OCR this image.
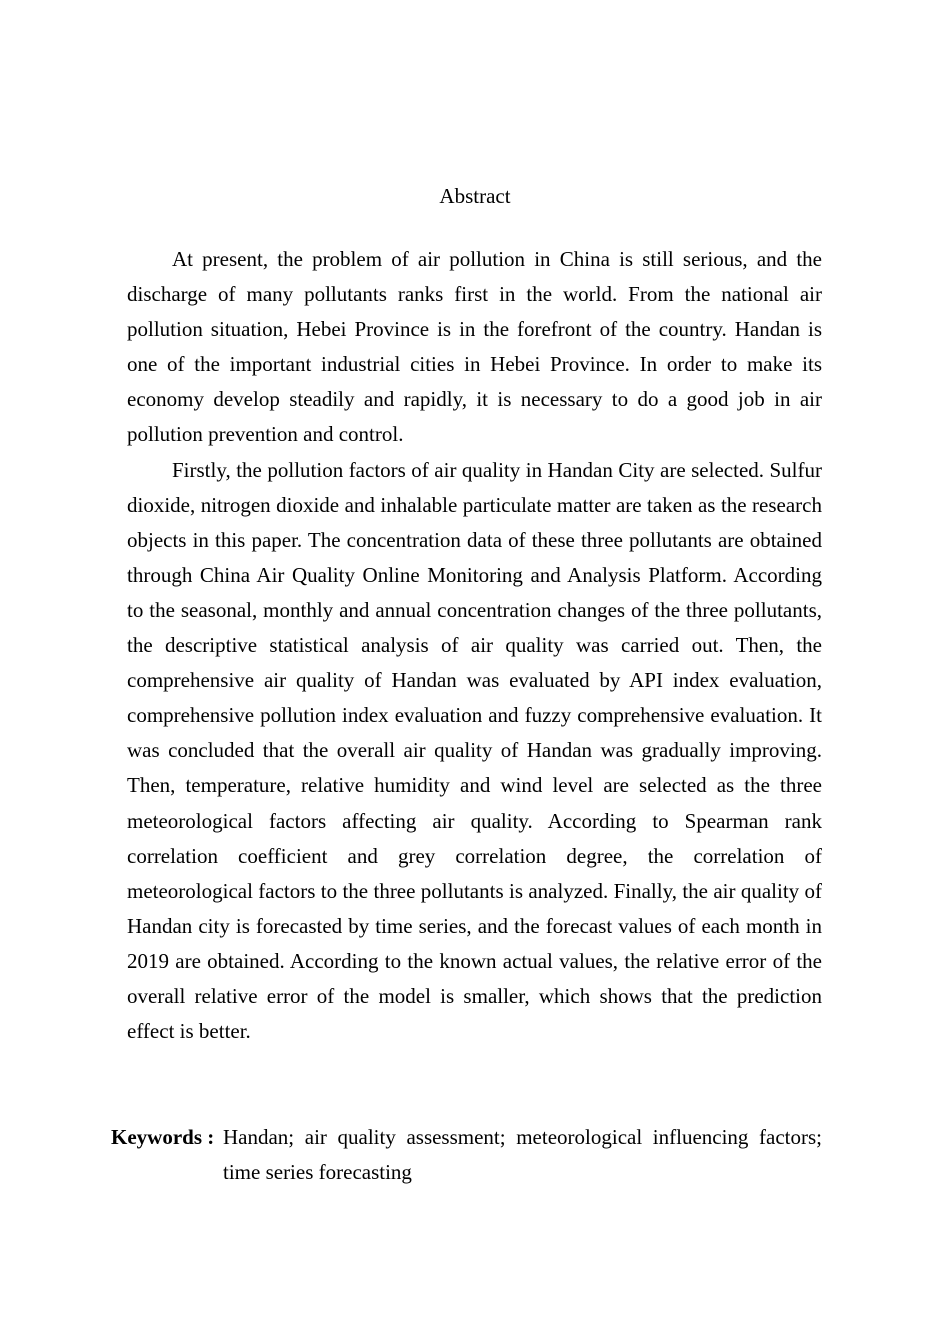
Abstract

At present, the problem of air pollution in China is still serious, and the discharge of many pollutants ranks first in the world. From the national air pollution situation, Hebei Province is in the forefront of the country. Handan is one of the important industrial cities in Hebei Province. In order to make its economy develop steadily and rapidly, it is necessary to do a good job in air pollution prevention and control.

Firstly, the pollution factors of air quality in Handan City are selected. Sulfur dioxide, nitrogen dioxide and inhalable particulate matter are taken as the research objects in this paper. The concentration data of these three pollutants are obtained through China Air Quality Online Monitoring and Analysis Platform. According to the seasonal, monthly and annual concentration changes of the three pollutants, the descriptive statistical analysis of air quality was carried out. Then, the comprehensive air quality of Handan was evaluated by API index evaluation, comprehensive pollution index evaluation and fuzzy comprehensive evaluation. It was concluded that the overall air quality of Handan was gradually improving. Then, temperature, relative humidity and wind level are selected as the three meteorological factors affecting air quality. According to Spearman rank correlation coefficient and grey correlation degree, the correlation of meteorological factors to the three pollutants is analyzed. Finally, the air quality of Handan city is forecasted by time series, and the forecast values of each month in 2019 are obtained. According to the known actual values, the relative error of the overall relative error of the model is smaller, which shows that the prediction effect is better.

Keywords : Handan; air quality assessment; meteorological influencing factors; time series forecasting
